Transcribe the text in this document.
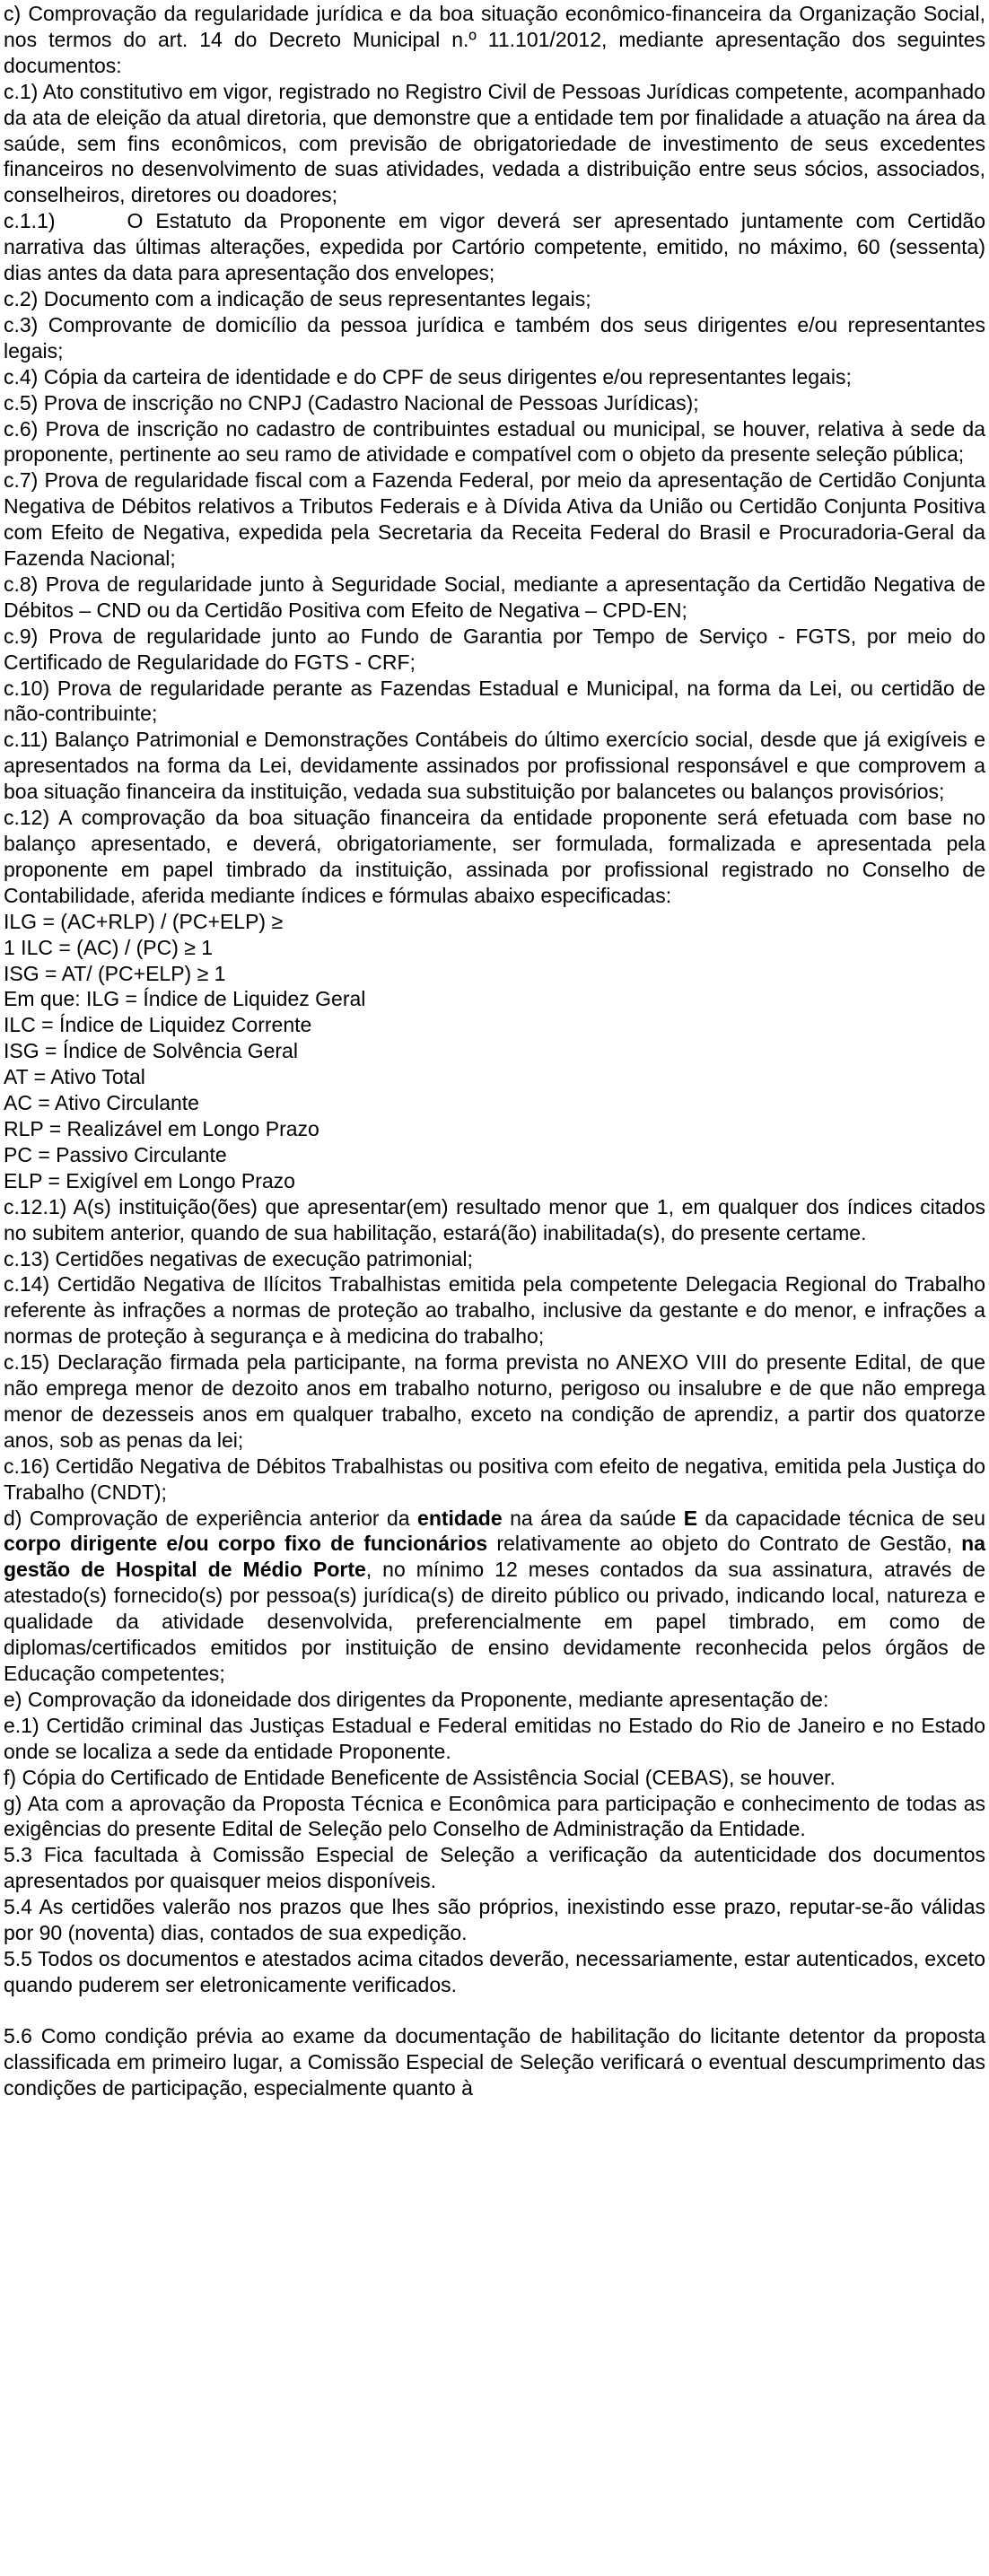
c) Comprovação da regularidade jurídica e da boa situação econômico-financeira da Organização Social, nos termos do art. 14 do Decreto Municipal n.º 11.101/2012, mediante apresentação dos seguintes documentos:

c.1) Ato constitutivo em vigor, registrado no Registro Civil de Pessoas Jurídicas competente, acompanhado da ata de eleição da atual diretoria, que demonstre que a entidade tem por finalidade a atuação na área da saúde, sem fins econômicos, com previsão de obrigatoriedade de investimento de seus excedentes financeiros no desenvolvimento de suas atividades, vedada a distribuição entre seus sócios, associados, conselheiros, diretores ou doadores;

c.1.1)	O Estatuto da Proponente em vigor deverá ser apresentado juntamente com Certidão narrativa das últimas alterações, expedida por Cartório competente, emitido, no máximo, 60 (sessenta) dias antes da data para apresentação dos envelopes;

c.2) Documento com a indicação de seus representantes legais;

c.3) Comprovante de domicílio da pessoa jurídica e também dos seus dirigentes e/ou representantes legais;

c.4) Cópia da carteira de identidade e do CPF de seus dirigentes e/ou representantes legais;

c.5) Prova de inscrição no CNPJ (Cadastro Nacional de Pessoas Jurídicas);

c.6) Prova de inscrição no cadastro de contribuintes estadual ou municipal, se houver, relativa à sede da proponente, pertinente ao seu ramo de atividade e compatível com o objeto da presente seleção pública;

c.7) Prova de regularidade fiscal com a Fazenda Federal, por meio da apresentação de Certidão Conjunta Negativa de Débitos relativos a Tributos Federais e à Dívida Ativa da União ou Certidão Conjunta Positiva com Efeito de Negativa, expedida pela Secretaria da Receita Federal do Brasil e Procuradoria-Geral da Fazenda Nacional;

c.8) Prova de regularidade junto à Seguridade Social, mediante a apresentação da Certidão Negativa de Débitos – CND ou da Certidão Positiva com Efeito de Negativa – CPD-EN;

c.9) Prova de regularidade junto ao Fundo de Garantia por Tempo de Serviço - FGTS, por meio do Certificado de Regularidade do FGTS - CRF;

c.10) Prova de regularidade perante as Fazendas Estadual e Municipal, na forma da Lei, ou certidão de não-contribuinte;

c.11) Balanço Patrimonial e Demonstrações Contábeis do último exercício social, desde que já exigíveis e apresentados na forma da Lei, devidamente assinados por profissional responsável e que comprovem a boa situação financeira da instituição, vedada sua substituição por balancetes ou balanços provisórios;

c.12) A comprovação da boa situação financeira da entidade proponente será efetuada com base no balanço apresentado, e deverá, obrigatoriamente, ser formulada, formalizada e apresentada pela proponente em papel timbrado da instituição, assinada por profissional registrado no Conselho de Contabilidade, aferida mediante índices e fórmulas abaixo especificadas:

ILG = (AC+RLP) / (PC+ELP) ≥

1 ILC = (AC) / (PC) ≥ 1

ISG = AT/ (PC+ELP) ≥ 1

Em que: ILG = Índice de Liquidez Geral

ILC = Índice de Liquidez Corrente

ISG = Índice de Solvência Geral

AT = Ativo Total

AC = Ativo Circulante

RLP = Realizável em Longo Prazo

PC = Passivo Circulante

ELP = Exigível em Longo Prazo

c.12.1) A(s) instituição(ões) que apresentar(em) resultado menor que 1, em qualquer dos índices citados no subitem anterior, quando de sua habilitação, estará(ão) inabilitada(s), do presente certame.

c.13) Certidões negativas de execução patrimonial;

c.14) Certidão Negativa de Ilícitos Trabalhistas emitida pela competente Delegacia Regional do Trabalho referente às infrações a normas de proteção ao trabalho, inclusive da gestante e do menor, e infrações a normas de proteção à segurança e à medicina do trabalho;

c.15) Declaração firmada pela participante, na forma prevista no ANEXO VIII do presente Edital, de que não emprega menor de dezoito anos em trabalho noturno, perigoso ou insalubre e de que não emprega menor de dezesseis anos em qualquer trabalho, exceto na condição de aprendiz, a partir dos quatorze anos, sob as penas da lei;

c.16) Certidão Negativa de Débitos Trabalhistas ou positiva com efeito de negativa, emitida pela Justiça do Trabalho (CNDT);

d) Comprovação de experiência anterior da entidade na área da saúde E da capacidade técnica de seu corpo dirigente e/ou corpo fixo de funcionários relativamente ao objeto do Contrato de Gestão, na gestão de Hospital de Médio Porte, no mínimo 12 meses contados da sua assinatura, através de atestado(s) fornecido(s) por pessoa(s) jurídica(s) de direito público ou privado, indicando local, natureza e qualidade da atividade desenvolvida, preferencialmente em papel timbrado, em como de diplomas/certificados emitidos por instituição de ensino devidamente reconhecida pelos órgãos de Educação competentes;

e) Comprovação da idoneidade dos dirigentes da Proponente, mediante apresentação de:

e.1) Certidão criminal das Justiças Estadual e Federal emitidas no Estado do Rio de Janeiro e no Estado onde se localiza a sede da entidade Proponente.

f) Cópia do Certificado de Entidade Beneficente de Assistência Social (CEBAS), se houver.

g) Ata com a aprovação da Proposta Técnica e Econômica para participação e conhecimento de todas as exigências do presente Edital de Seleção pelo Conselho de Administração da Entidade.

5.3 Fica facultada à Comissão Especial de Seleção a verificação da autenticidade dos documentos apresentados por quaisquer meios disponíveis.

5.4 As certidões valerão nos prazos que lhes são próprios, inexistindo esse prazo, reputar-se-ão válidas por 90 (noventa) dias, contados de sua expedição.

5.5 Todos os documentos e atestados acima citados deverão, necessariamente, estar autenticados, exceto quando puderem ser eletronicamente verificados.

5.6 Como condição prévia ao exame da documentação de habilitação do licitante detentor da proposta classificada em primeiro lugar, a Comissão Especial de Seleção verificará o eventual descumprimento das condições de participação, especialmente quanto à
